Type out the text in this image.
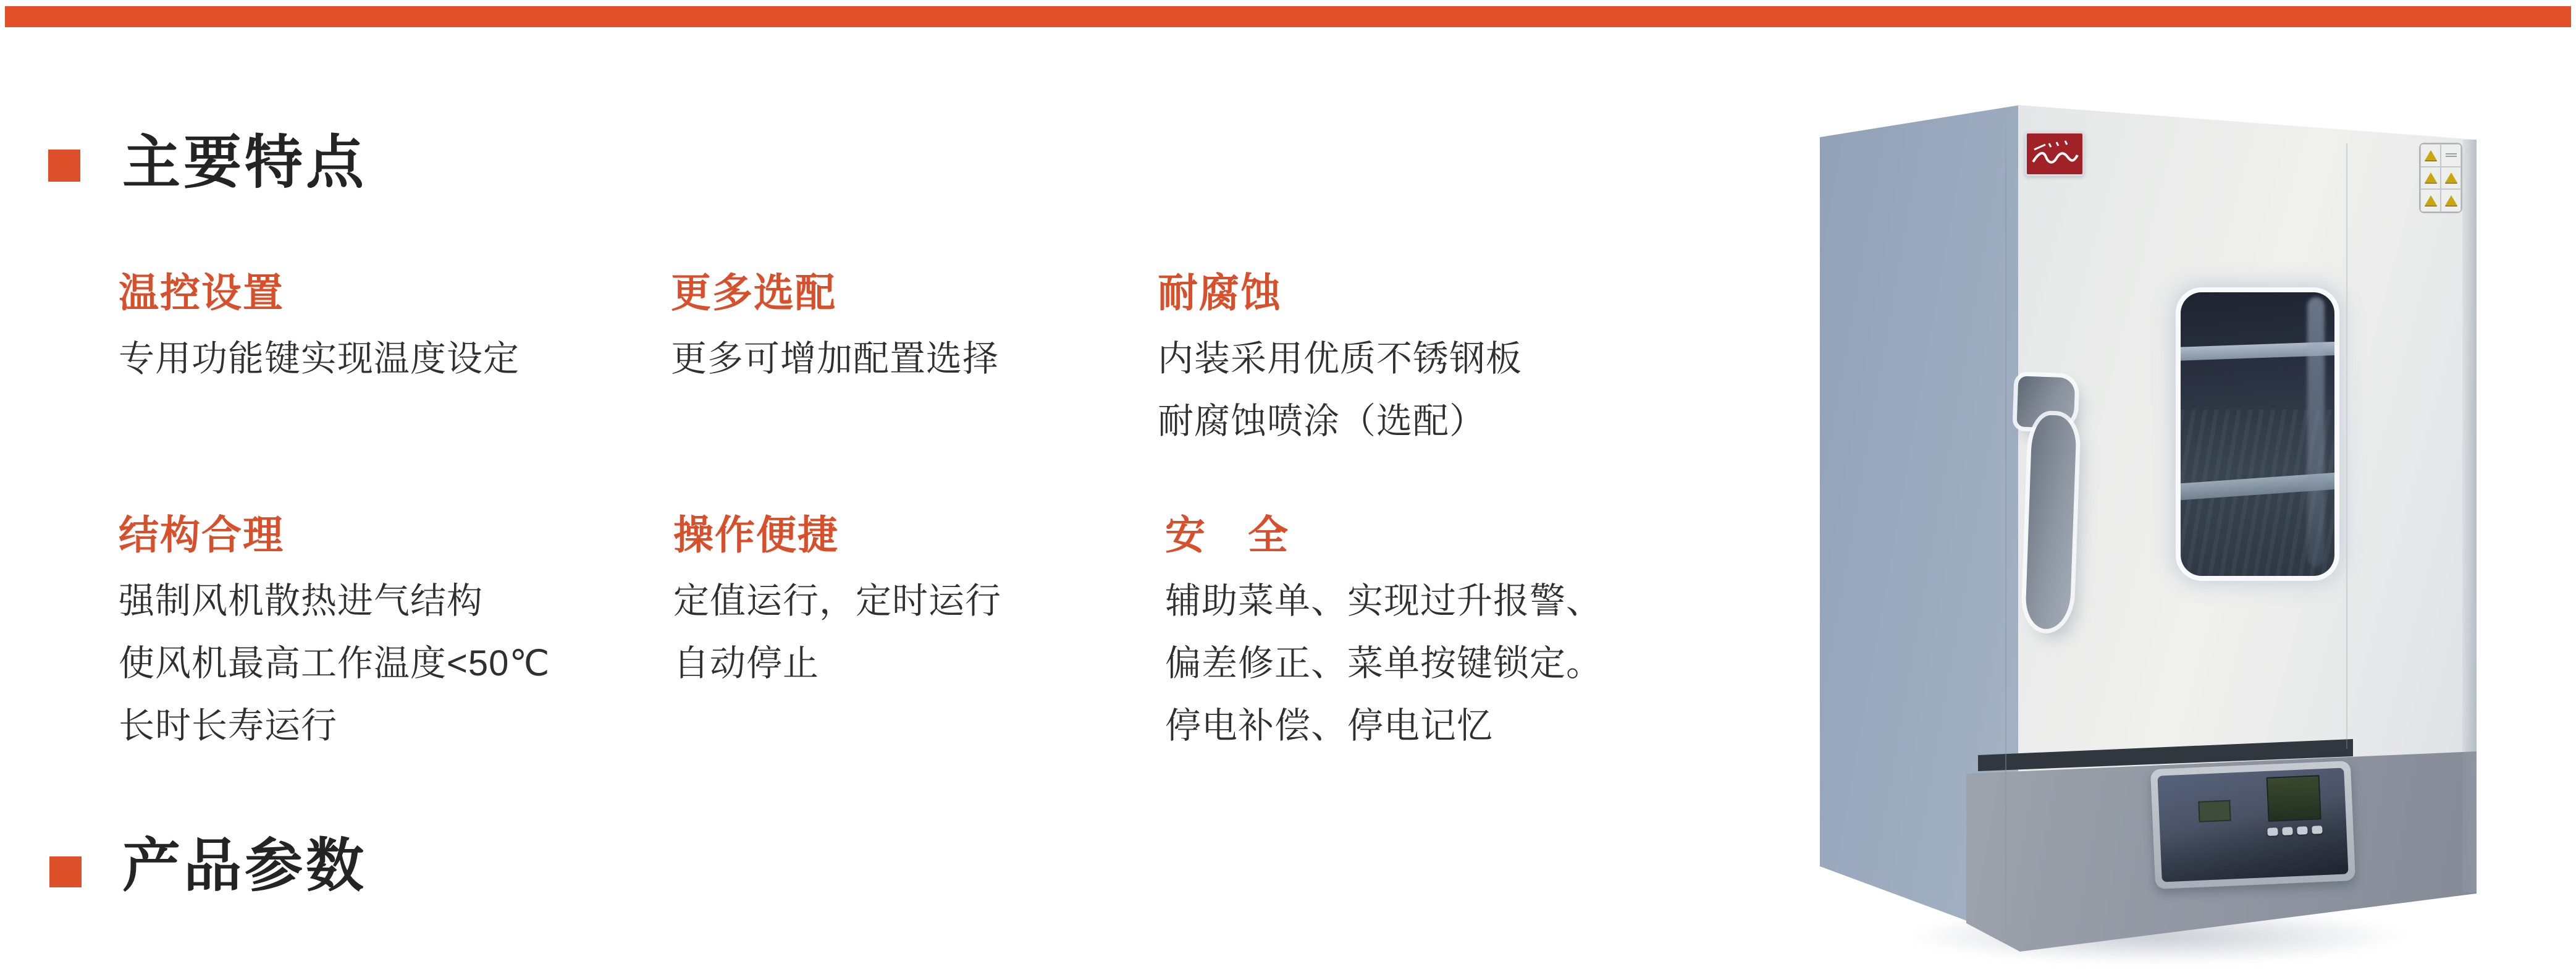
主要特点
温控设置
专用功能键实现温度设定
更多选配
更多可增加配置选择
耐腐蚀
内装采用优质不锈钢板
耐腐蚀喷涂（选配）
结构合理
强制风机散热进气结构
使风机最高工作温度<50℃
长时长寿运行
操作便捷
定值运行，定时运行
自动停止
安　全
辅助菜单、实现过升报警、
偏差修正、菜单按键锁定。
停电补偿、停电记忆
产品参数
